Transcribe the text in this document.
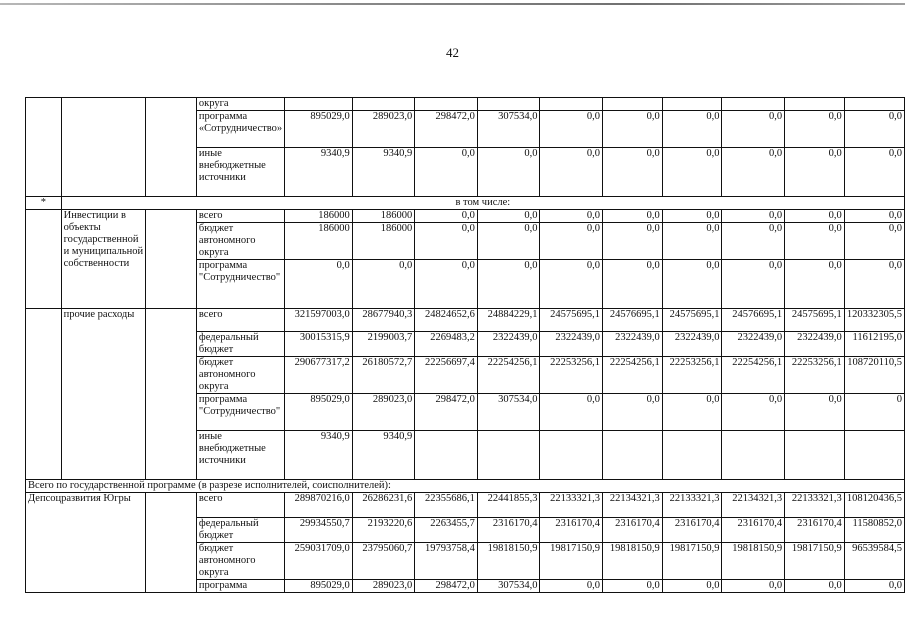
42
			округа										
			программа «Сотрудничество»	895029,0	289023,0	298472,0	307534,0	0,0	0,0	0,0	0,0	0,0	0,0
			иные внебюджетные источники	9340,9	9340,9	0,0	0,0	0,0	0,0	0,0	0,0	0,0	0,0
*	в том числе:												
	Инвестиции в объекты государственной и муниципальной собственности		всего	186000	186000	0,0	0,0	0,0	0,0	0,0	0,0	0,0	0,0
			бюджет автономного округа	186000	186000	0,0	0,0	0,0	0,0	0,0	0,0	0,0	0,0
			программа "Сотрудничество"	0,0	0,0	0,0	0,0	0,0	0,0	0,0	0,0	0,0	0,0
	прочие расходы		всего	321597003,0	28677940,3	24824652,6	24884229,1	24575695,1	24576695,1	24575695,1	24576695,1	24575695,1	120332305,5
			федеральный бюджет	30015315,9	2199003,7	2269483,2	2322439,0	2322439,0	2322439,0	2322439,0	2322439,0	2322439,0	11612195,0
			бюджет автономного округа	290677317,2	26180572,7	22256697,4	22254256,1	22253256,1	22254256,1	22253256,1	22254256,1	22253256,1	108720110,5
			программа "Сотрудничество"	895029,0	289023,0	298472,0	307534,0	0,0	0,0	0,0	0,0	0,0	0
			иные внебюджетные источники	9340,9	9340,9								
Всего по государственной программе (в разрезе исполнителей, соисполнителей):													
Депсоцразвития Югры			всего	289870216,0	26286231,6	22355686,1	22441855,3	22133321,3	22134321,3	22133321,3	22134321,3	22133321,3	108120436,5
			федеральный бюджет	29934550,7	2193220,6	2263455,7	2316170,4	2316170,4	2316170,4	2316170,4	2316170,4	2316170,4	11580852,0
			бюджет автономного округа	259031709,0	23795060,7	19793758,4	19818150,9	19817150,9	19818150,9	19817150,9	19818150,9	19817150,9	96539584,5
			программа	895029,0	289023,0	298472,0	307534,0	0,0	0,0	0,0	0,0	0,0	0,0
